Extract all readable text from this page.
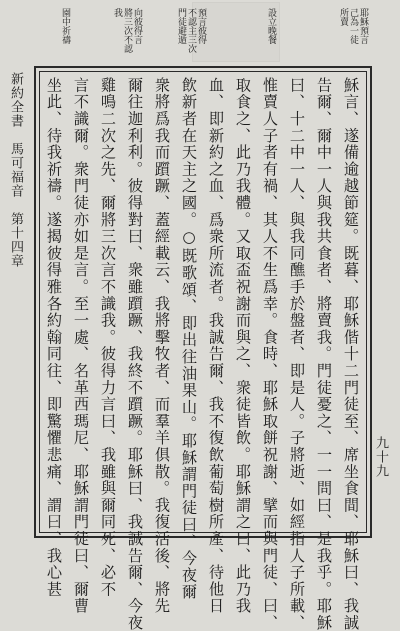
耶穌預言
己為一徒
所賣
設立晚餐
預言彼得
不認主三次
門徒避遁
向彼得言
將三次不認
我
園中祈禱
穌言、遂備逾越節筵。既暮、耶穌偕十二門徒至、席坐食間、耶穌曰、我誠
告爾、爾中一人與我共食者、將賣我。門徒憂之、一一問曰、是我乎。耶穌
曰、十二中一人、與我同醮手於盤者、即是人。子將逝、如經指人子所載、
惟賣人子者有禍、其人不生爲幸。食時、耶穌取餅祝謝、擘而與門徒、曰、
取食之、此乃我體。又取盃祝謝而與之、衆徒皆飲。耶穌謂之曰、此乃我
血、即新約之血、爲衆所流者。我誠告爾、我不復飲葡萄樹所產、待他日
飲新者在天主之國。○既歌頌、即出往油果山。耶穌謂門徒曰、今夜爾
衆將爲我而躓蹶、蓋經載云、我將擊牧者、而羣羊俱散。我復活後、將先
爾往迦利利。彼得對曰、衆雖躓蹶、我終不躓蹶。耶穌曰、我誠告爾、今夜
雞鳴二次之先、爾將三次言不識我。彼得力言曰、我雖與爾同死、必不
言不識爾。衆門徒亦如是言。至一處、名革西瑪尼、耶穌謂門徒曰、爾曹
坐此、待我祈禱。遂揭彼得雅各約翰同往、即驚懼悲痛、謂曰、我心甚
新約全書　馬可福音　第十四章
九十九
